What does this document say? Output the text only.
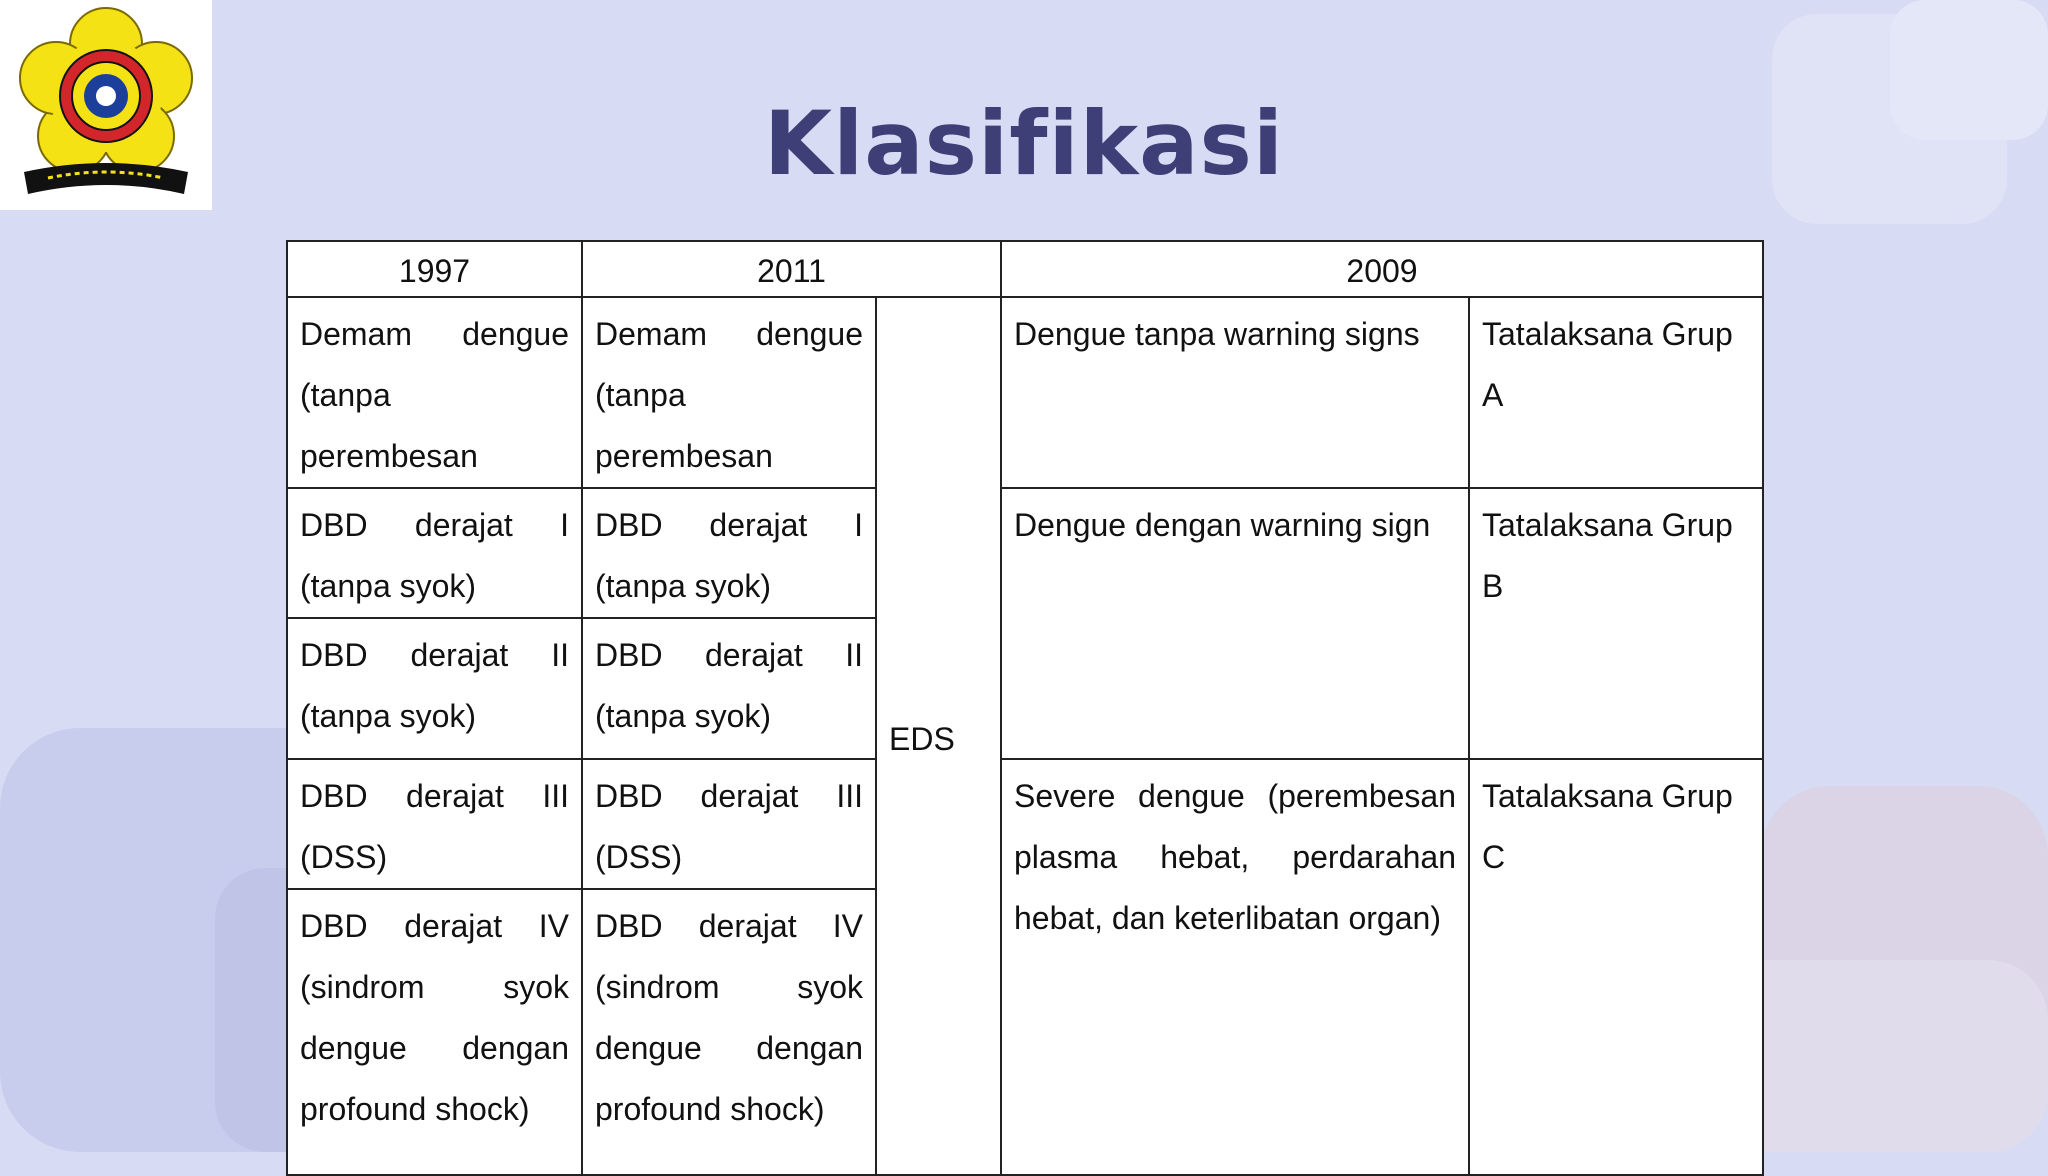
Klasifikasi
1997	2011		2009	
Demam dengue (tanpa perembesan	Demam dengue (tanpa perembesan	EDS	Dengue tanpa warning signs	Tatalaksana Grup A
DBD derajat I (tanpa syok)	DBD derajat I (tanpa syok)		Dengue dengan warning sign	Tatalaksana Grup B
DBD derajat II (tanpa syok)	DBD derajat II (tanpa syok)			
DBD derajat III (DSS)	DBD derajat III (DSS)		Severe dengue (perembesan plasma hebat, perdarahan hebat, dan keterlibatan organ)	Tatalaksana Grup C
DBD derajat IV (sindrom syok dengue dengan profound shock)	DBD derajat IV (sindrom syok dengue dengan profound shock)			
